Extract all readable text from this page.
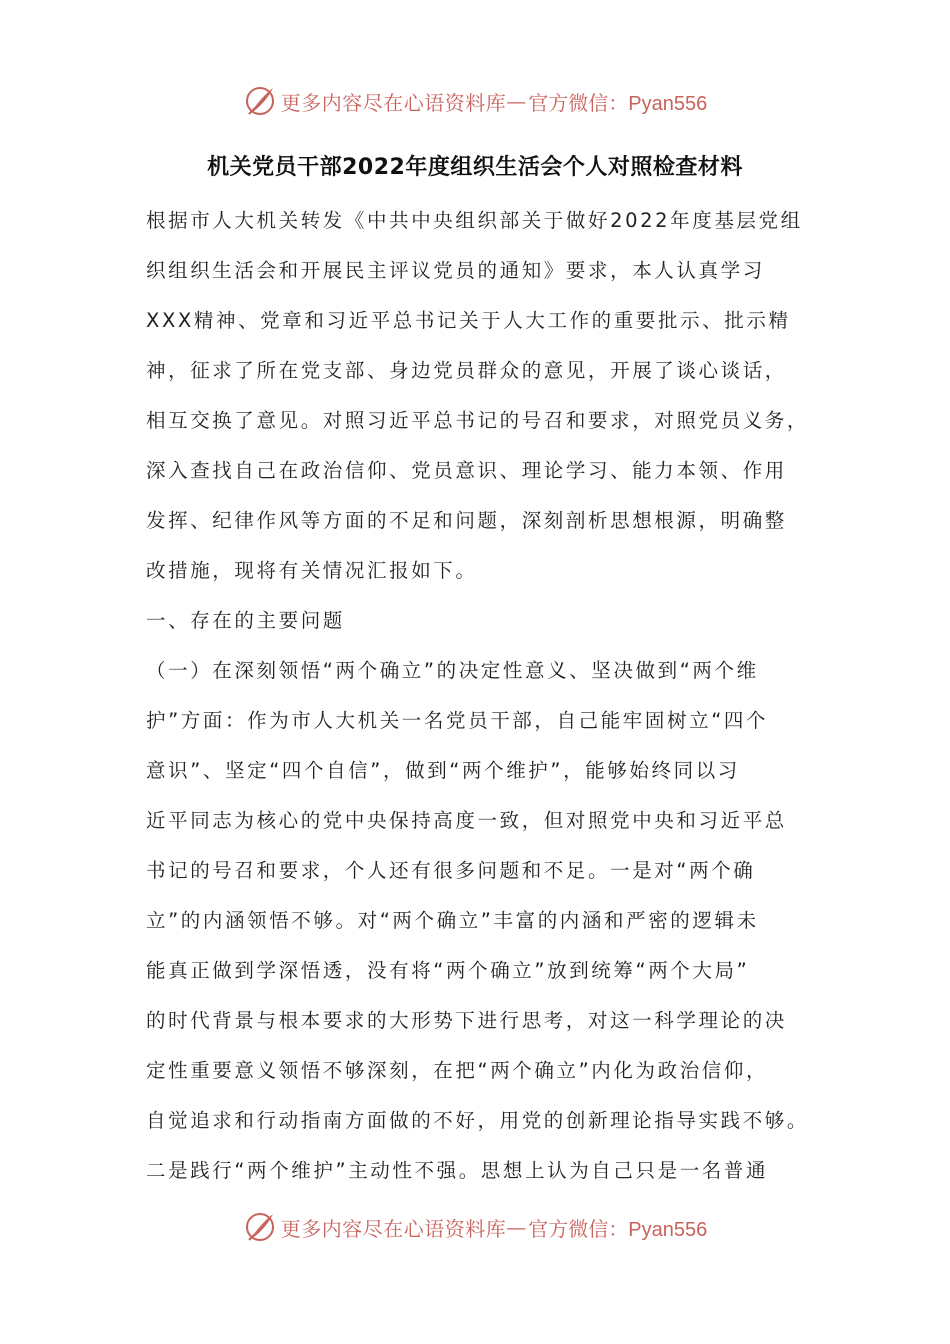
更多内容尽在心语资料库 — 官方微信：Pyan556
机关党员干部2022年度组织生活会个人对照检查材料
根据市人大机关转发《中共中央组织部关于做好2022年度基层党组
织组织生活会和开展民主评议党员的通知》要求，本人认真学习
XXX精神、党章和习近平总书记关于人大工作的重要批示、批示精
神，征求了所在党支部、身边党员群众的意见，开展了谈心谈话，
相互交换了意见。对照习近平总书记的号召和要求，对照党员义务，
深入查找自己在政治信仰、党员意识、理论学习、能力本领、作用
发挥、纪律作风等方面的不足和问题，深刻剖析思想根源，明确整
改措施，现将有关情况汇报如下。
一、存在的主要问题
（一）在深刻领悟“两个确立”的决定性意义、坚决做到“两个维
护”方面：作为市人大机关一名党员干部，自己能牢固树立“四个
意识”、坚定“四个自信”，做到“两个维护”，能够始终同以习
近平同志为核心的党中央保持高度一致，但对照党中央和习近平总
书记的号召和要求，个人还有很多问题和不足。一是对“两个确
立”的内涵领悟不够。对“两个确立”丰富的内涵和严密的逻辑未
能真正做到学深悟透，没有将“两个确立”放到统筹“两个大局”
的时代背景与根本要求的大形势下进行思考，对这一科学理论的决
定性重要意义领悟不够深刻，在把“两个确立”内化为政治信仰，
自觉追求和行动指南方面做的不好，用党的创新理论指导实践不够。
二是践行“两个维护”主动性不强。思想上认为自己只是一名普通
更多内容尽在心语资料库 — 官方微信：Pyan556
